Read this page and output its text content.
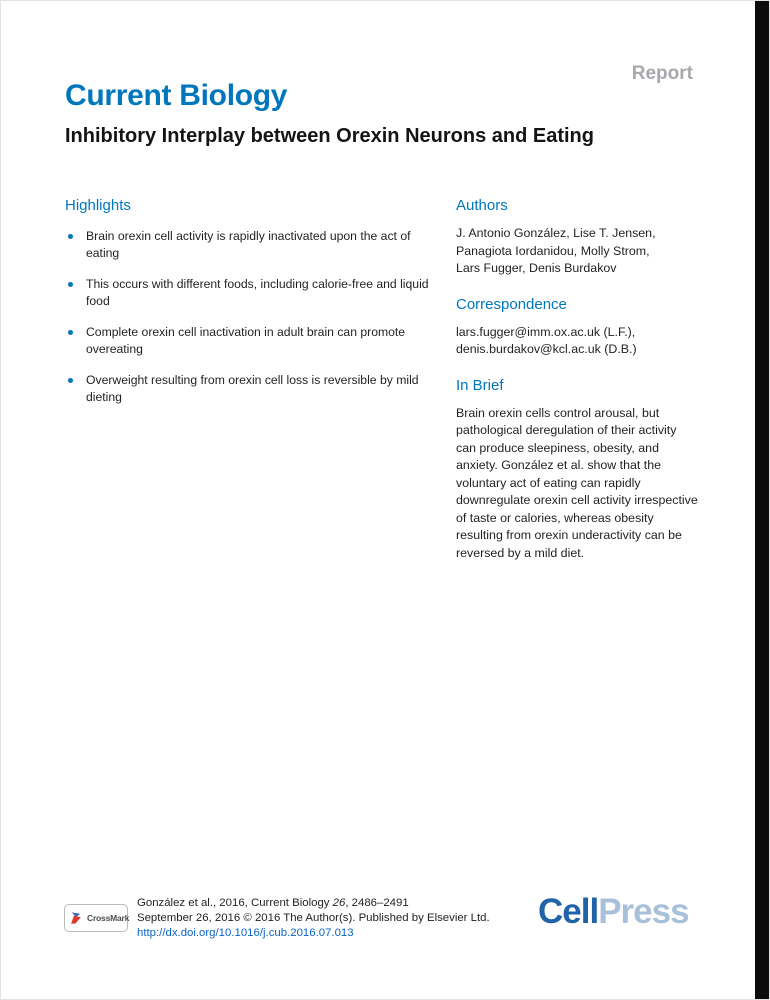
Report
Current Biology
Inhibitory Interplay between Orexin Neurons and Eating
Highlights
Brain orexin cell activity is rapidly inactivated upon the act of eating
This occurs with different foods, including calorie-free and liquid food
Complete orexin cell inactivation in adult brain can promote overeating
Overweight resulting from orexin cell loss is reversible by mild dieting
Authors
J. Antonio González, Lise T. Jensen,
Panagiota Iordanidou, Molly Strom,
Lars Fugger, Denis Burdakov
Correspondence
lars.fugger@imm.ox.ac.uk (L.F.),
denis.burdakov@kcl.ac.uk (D.B.)
In Brief

Brain orexin cells control arousal, but pathological deregulation of their activity can produce sleepiness, obesity, and anxiety. González et al. show that the voluntary act of eating can rapidly downregulate orexin cell activity irrespective of taste or calories, whereas obesity resulting from orexin underactivity can be reversed by a mild diet.

CrossMark
González et al., 2016, Current Biology 26, 2486–2491
September 26, 2016 © 2016 The Author(s). Published by Elsevier Ltd.
http://dx.doi.org/10.1016/j.cub.2016.07.013
CellPress
